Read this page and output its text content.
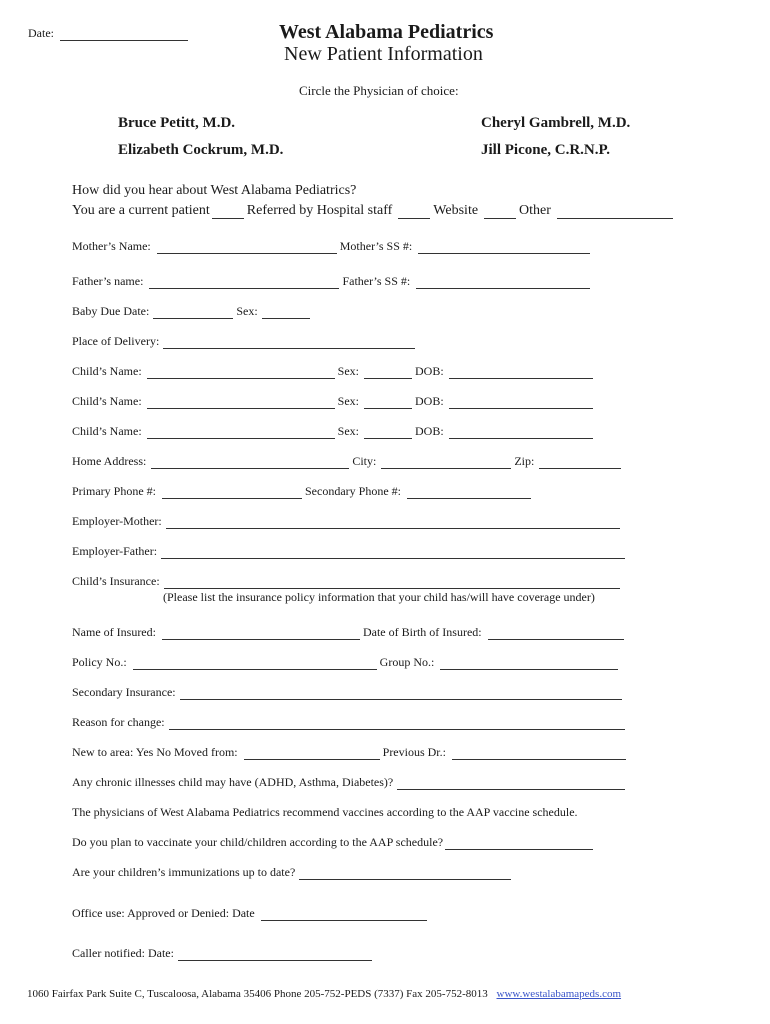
Date:	West Alabama Pediatrics
New Patient Information
Circle the Physician of choice:
Bruce Petitt, M.D.	Cheryl Gambrell, M.D.
Elizabeth Cockrum, M.D.	Jill Picone, C.R.N.P.
How did you hear about West Alabama Pediatrics?
You are a current patient	Referred by Hospital staff	Website	Other
Mother’s Name:	Mother’s SS #:
Father’s name:	Father’s SS #:
Baby Due Date:	Sex:
Place of Delivery:
Child’s Name:	Sex:	DOB:
Child’s Name:	Sex:	DOB:
Child’s Name:	Sex:	DOB:
Home Address:	City:	Zip:
Primary Phone #:	Secondary Phone #:
Employer-Mother:
Employer-Father:
Child’s Insurance:
(Please list the insurance policy information that your child has/will have coverage under)
Name of Insured:	Date of Birth of Insured:
Policy No.:	Group No.:
Secondary Insurance:
Reason for change:
New to area: Yes No Moved from:	Previous Dr.:
Any chronic illnesses child may have (ADHD, Asthma, Diabetes)?
The physicians of West Alabama Pediatrics recommend vaccines according to the AAP vaccine schedule.
Do you plan to vaccinate your child/children according to the AAP schedule?
Are your children’s immunizations up to date?
Office use: Approved or Denied: Date
Caller notified: Date:
1060 Fairfax Park Suite C, Tuscaloosa, Alabama 35406 Phone 205-752-PEDS (7337) Fax 205-752-8013 www.westalabamapeds.com
